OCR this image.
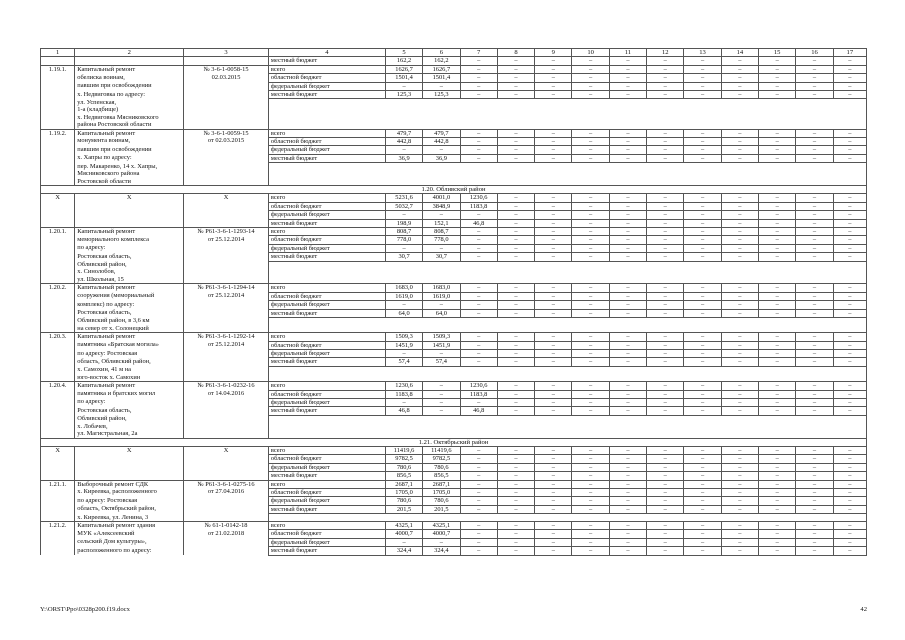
1	2	3	4	5	6	7	8	9	10	11	12	13	14	15	16	17
			местный бюджет	162,2	162,2	–	–	–	–	–	–	–	–	–	–	–
1.19.1.	Капитальный ремонт	№ 3-6-1-0058-15	всего	1626,7	1626,7	–	–	–	–	–	–	–	–	–	–	–
	обелиска воинам,	02.03.2015	областной бюджет	1501,4	1501,4	–	–	–	–	–	–	–	–	–	–	–
	павшим при освобождении		федеральный бюджет	–	–	–	–	–	–	–	–	–	–	–	–	–
	х. Недвиговка по адресу:		местный бюджет	125,3	125,3	–	–	–	–	–	–	–	–	–	–	–
	ул. Успенская,															
	1-а (кладбище)															
	х. Недвиговка Мясниковского															
	района Ростовской области															
1.19.2.	Капитальный ремонт	№ 3-6-1-0059-15	всего	479,7	479,7	–	–	–	–	–	–	–	–	–	–	–
	монумента воинам,	от 02.03.2015	областной бюджет	442,8	442,8	–	–	–	–	–	–	–	–	–	–	–
	павшим при освобождении		федеральный бюджет	–	–	–	–	–	–	–	–	–	–	–	–	–
	х. Хапры по адресу:		местный бюджет	36,9	36,9	–	–	–	–	–	–	–	–	–	–	–
	пер. Макаренко, 14 х. Хапры,															
	Мясниковского района															
	Ростовской области															
1.20. Обливский район																
Х	Х	Х	всего	5231,6	4001,0	1230,6	–	–	–	–	–	–	–	–	–	–
			областной бюджет	5032,7	3848,9	1183,8	–	–	–	–	–	–	–	–	–	–
			федеральный бюджет	–	–	–	–	–	–	–	–	–	–	–	–	–
			местный бюджет	198,9	152,1	46,8	–	–	–	–	–	–	–	–	–	–
1.20.1.	Капитальный ремонт	№ Р61-3-6-1-1293-14	всего	808,7	808,7	–	–	–	–	–	–	–	–	–	–	–
	мемориального комплекса	от 25.12.2014	областной бюджет	778,0	778,0	–	–	–	–	–	–	–	–	–	–	–
	по адресу:		федеральный бюджет	–	–	–	–	–	–	–	–	–	–	–	–	–
	Ростовская область,		местный бюджет	30,7	30,7	–	–	–	–	–	–	–	–	–	–	–
	Обливский район,															
	х. Синолобов,															
	ул. Школьная, 15															
1.20.2.	Капитальный ремонт	№ Р61-3-6-1-1294-14	всего	1683,0	1683,0	–	–	–	–	–	–	–	–	–	–	–
	сооружения (мемориальный	от 25.12.2014	областной бюджет	1619,0	1619,0	–	–	–	–	–	–	–	–	–	–	–
	комплекс) по адресу:		федеральный бюджет	–	–	–	–	–	–	–	–	–	–	–	–	–
	Ростовская область,		местный бюджет	64,0	64,0	–	–	–	–	–	–	–	–	–	–	–
	Обливский район, в 3,6 км															
	на север от х. Солонецкий															
1.20.3.	Капитальный ремонт	№ Р61-3-6-1-1292-14	всего	1509,3	1509,3	–	–	–	–	–	–	–	–	–	–	–
	памятника «Братская могила»	от 25.12.2014	областной бюджет	1451,9	1451,9	–	–	–	–	–	–	–	–	–	–	–
	по адресу: Ростовская		федеральный бюджет	–	–	–	–	–	–	–	–	–	–	–	–	–
	область, Обливский район,		местный бюджет	57,4	57,4	–	–	–	–	–	–	–	–	–	–	–
	х. Самохин, 41 м на															
	юго-восток х. Самохин															
1.20.4.	Капитальный ремонт	№ Р61-3-6-1-0232-16	всего	1230,6	–	1230,6	–	–	–	–	–	–	–	–	–	–
	памятника и братских могил	от 14.04.2016	областной бюджет	1183,8	–	1183,8	–	–	–	–	–	–	–	–	–	–
	по адресу:		федеральный бюджет	–	–	–	–	–	–	–	–	–	–	–	–	–
	Ростовская область,		местный бюджет	46,8	–	46,8	–	–	–	–	–	–	–	–	–	–
	Обливский район,															
	х. Лобачев,															
	ул. Магистральная, 2а															
1.21. Октябрьский район																
Х	Х	Х	всего	11419,6	11419,6	–	–	–	–	–	–	–	–	–	–	–
			областной бюджет	9782,5	9782,5	–	–	–	–	–	–	–	–	–	–	–
			федеральный бюджет	780,6	780,6	–	–	–	–	–	–	–	–	–	–	–
			местный бюджет	856,5	856,5	–	–	–	–	–	–	–	–	–	–	–
1.21.1.	Выборочный ремонт СДК	№ Р61-3-6-1-0275-16	всего	2687,1	2687,1	–	–	–	–	–	–	–	–	–	–	–
	х. Киреевка, расположенного	от 27.04.2016	областной бюджет	1705,0	1705,0	–	–	–	–	–	–	–	–	–	–	–
	по адресу: Ростовская		федеральный бюджет	780,6	780,6	–	–	–	–	–	–	–	–	–	–	–
	область, Октябрьский район,		местный бюджет	201,5	201,5	–	–	–	–	–	–	–	–	–	–	–
	х. Киреевка, ул. Ленина, 3															
1.21.2.	Капитальный ремонт здания	№ 61-1-0142-18	всего	4325,1	4325,1	–	–	–	–	–	–	–	–	–	–	–
	МУК «Алексеевский	от 21.02.2018	областной бюджет	4000,7	4000,7	–	–	–	–	–	–	–	–	–	–	–
	сельский Дом культуры»,		федеральный бюджет	–	–	–	–	–	–	–	–	–	–	–	–	–
	расположенного по адресу:		местный бюджет	324,4	324,4	–	–	–	–	–	–	–	–	–	–	–
Y:\ORST\Ppo\0328p200.f19.docx	42
